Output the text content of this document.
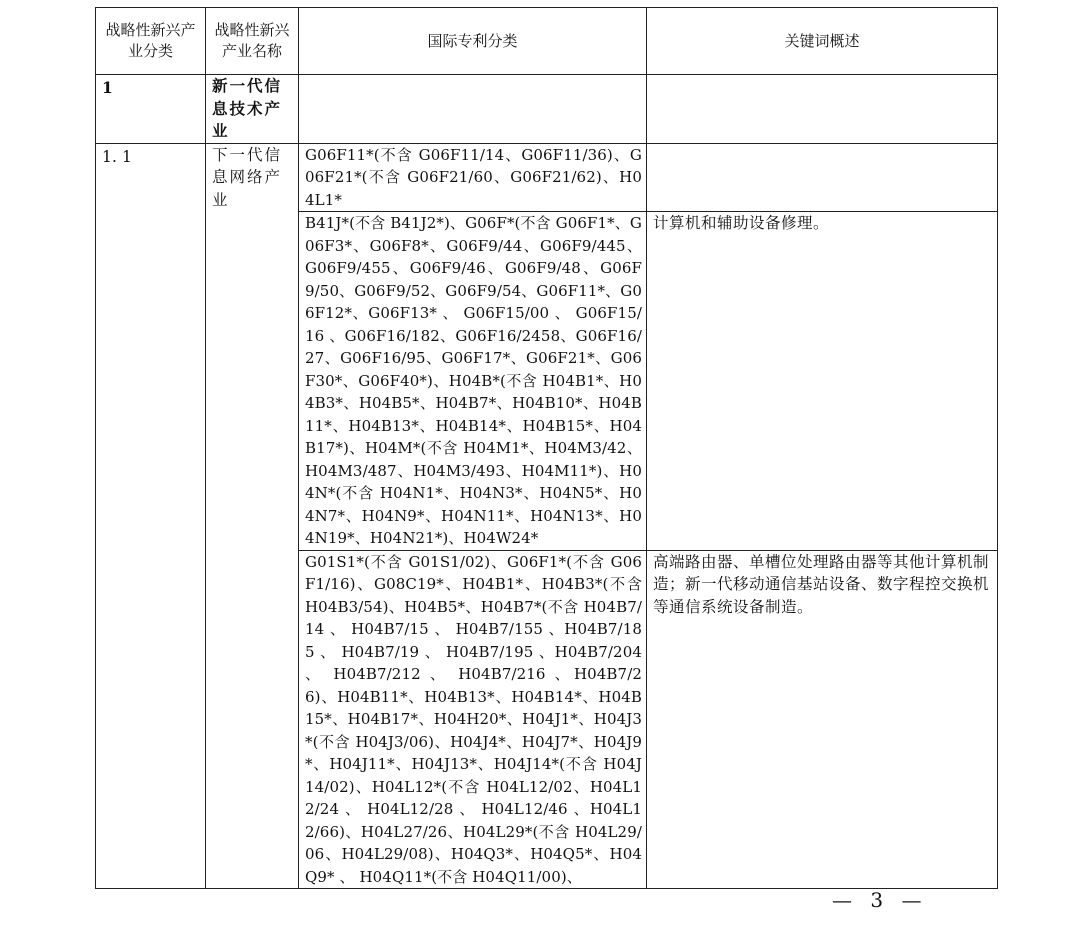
战略性新兴产业分类	战略性新兴产业名称	国际专利分类	关键词概述
1	新一代信息技术产业		
1. 1	下一代信息网络产业	G06F11*(不含 G06F11/14、G06F11/36)、G06F21*(不含 G06F21/60、G06F21/62)、H04L1*	
		B41J*(不含 B41J2*)、G06F*(不含 G06F1*、G06F3*、G06F8*、G06F9/44、G06F9/445、G06F9/455、G06F9/46、G06F9/48、G06F9/50、G06F9/52、G06F9/54、G06F11*、G06F12*、G06F13* 、 G06F15/00 、 G06F15/16 、G06F16/182、G06F16/2458、G06F16/27、G06F16/95、G06F17*、G06F21*、G06F30*、G06F40*)、H04B*(不含 H04B1*、H04B3*、H04B5*、H04B7*、H04B10*、H04B11*、H04B13*、H04B14*、H04B15*、H04B17*)、H04M*(不含 H04M1*、H04M3/42、H04M3/487、H04M3/493、H04M11*)、H04N*(不含 H04N1*、H04N3*、H04N5*、H04N7*、H04N9*、H04N11*、H04N13*、H04N19*、H04N21*)、H04W24*	计算机和辅助设备修理。
		G01S1*(不含 G01S1/02)、G06F1*(不含 G06F1/16)、G08C19*、H04B1*、H04B3*(不含 H04B3/54)、H04B5*、H04B7*(不含 H04B7/14 、 H04B7/15 、 H04B7/155 、H04B7/185 、 H04B7/19 、 H04B7/195 、H04B7/204 、 H04B7/212 、 H04B7/216 、H04B7/26)、H04B11*、H04B13*、H04B14*、H04B15*、H04B17*、H04H20*、H04J1*、H04J3*(不含 H04J3/06)、H04J4*、H04J7*、H04J9*、H04J11*、H04J13*、H04J14*(不含 H04J14/02)、H04L12*(不含 H04L12/02、H04L12/24 、 H04L12/28 、 H04L12/46 、H04L12/66)、H04L27/26、H04L29*(不含 H04L29/06、H04L29/08)、H04Q3*、H04Q5*、H04Q9* 、 H04Q11*(不含 H04Q11/00)、	高端路由器、单槽位处理路由器等其他计算机制造；新一代移动通信基站设备、数字程控交换机等通信系统设备制造。
— 3 —
